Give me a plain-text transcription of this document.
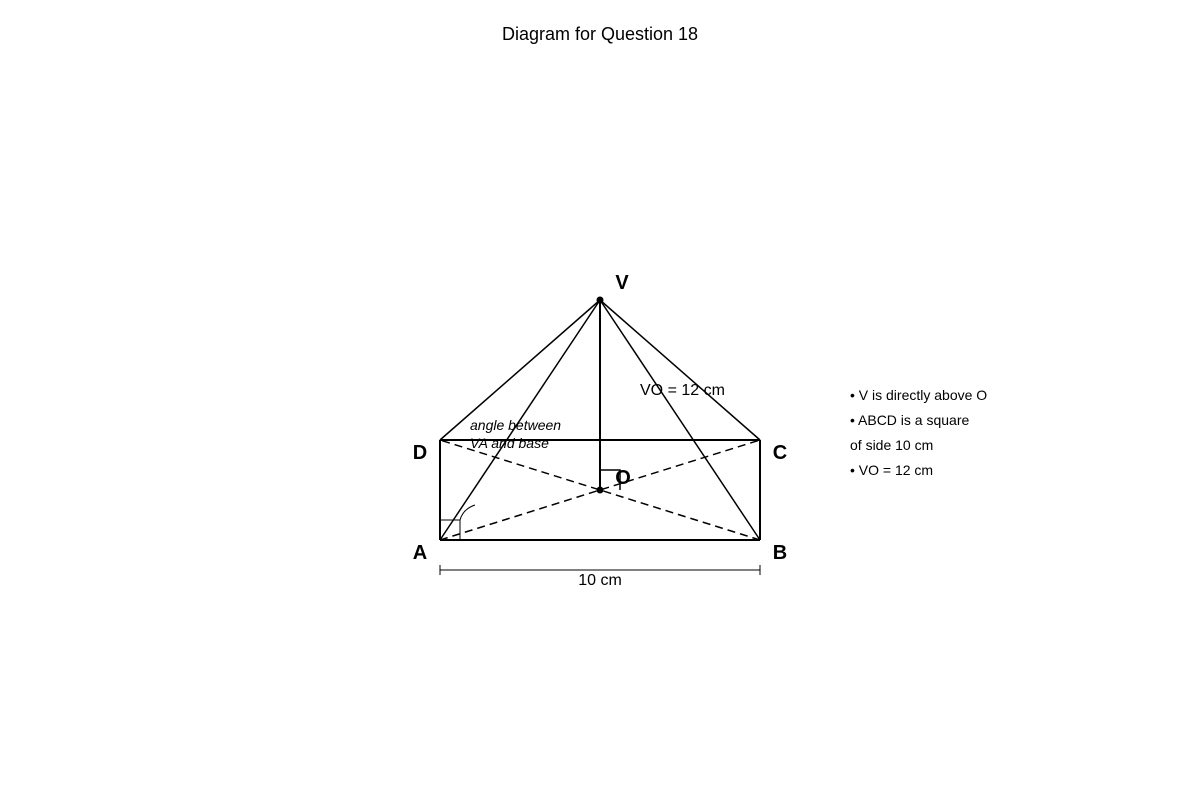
Diagram for Question 18
V
D	C
A	B
O
VO = 12 cm
angle between
VA and base
10 cm
• V is directly above O
• ABCD is a square
of side 10 cm
• VO = 12 cm
